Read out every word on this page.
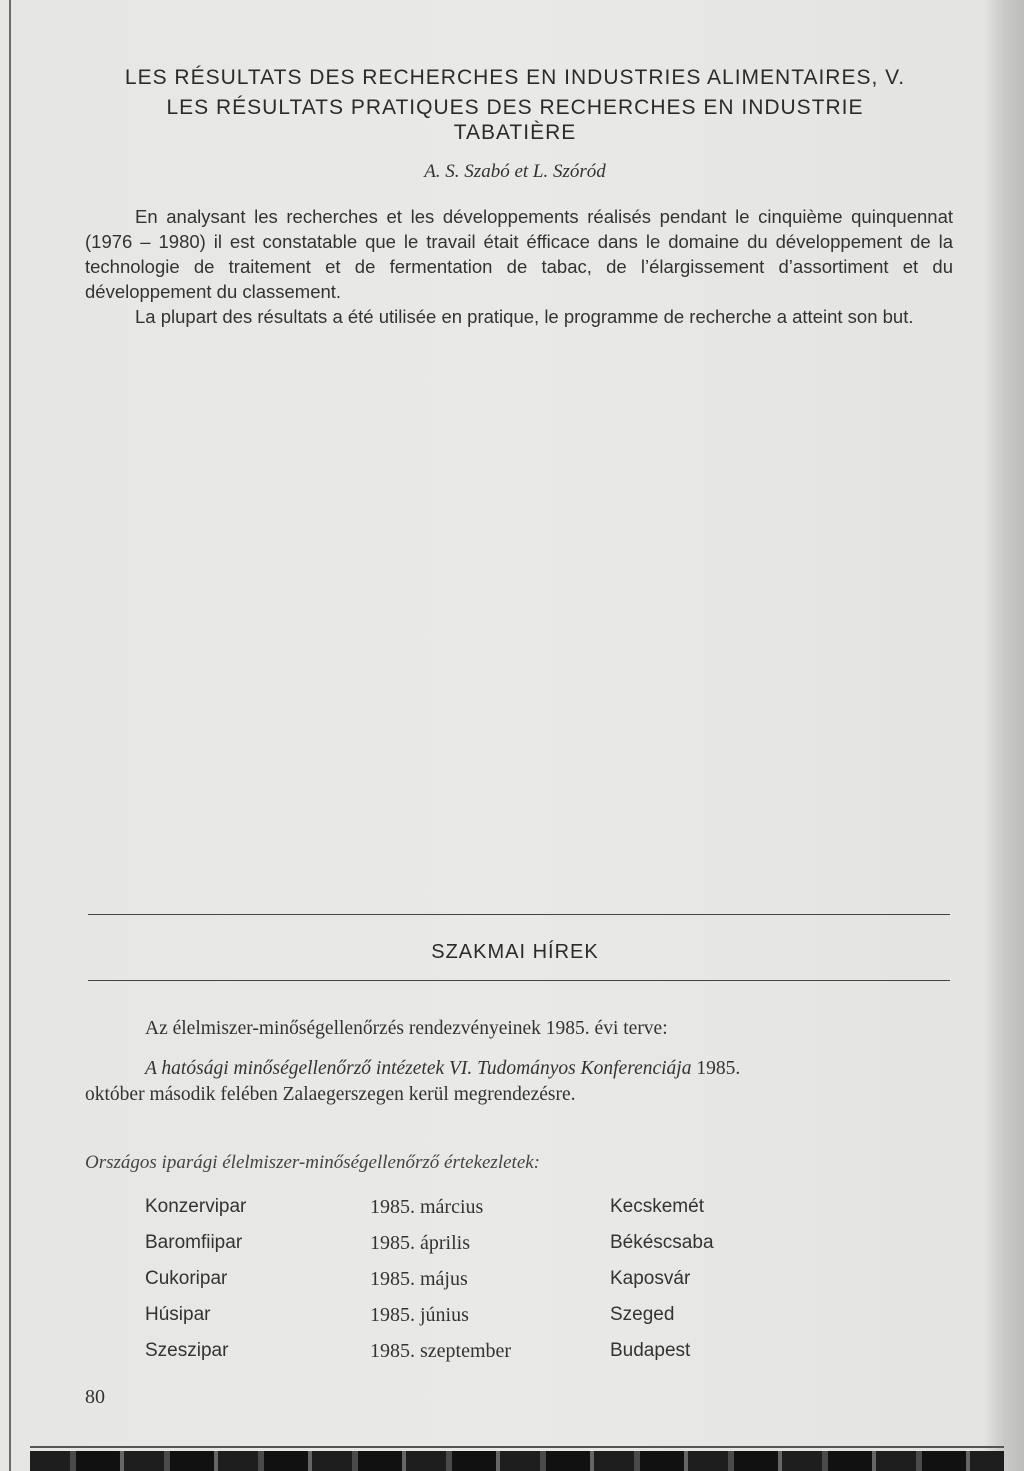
LES RÉSULTATS DES RECHERCHES EN INDUSTRIES ALIMENTAIRES, V.
LES RÉSULTATS PRATIQUES DES RECHERCHES EN INDUSTRIE
TABATIÈRE
A. S. Szabó et L. Szóród

En analysant les recherches et les développements réalisés pendant le cinquième quinquennat (1976 – 1980) il est constatable que le travail était éfficace dans le domaine du développement de la technologie de traitement et de fermentation de tabac, de l’élargissement d’assortiment et du développement du classement.

La plupart des résultats a été utilisée en pratique, le programme de recherche a atteint son but.

SZAKMAI HÍREK
Az élelmiszer-minőségellenőrzés rendezvényeinek 1985. évi terve:
A hatósági minőségellenőrző intézetek VI. Tudományos Konferenciája 1985.
október második felében Zalaegerszegen kerül megrendezésre.
Országos iparági élelmiszer-minőségellenőrző értekezletek:
Konzervipar	1985. március	Kecskemét
Baromfiipar	1985. április	Békéscsaba
Cukoripar	1985. május	Kaposvár
Húsipar	1985. június	Szeged
Szeszipar	1985. szeptember	Budapest
80
